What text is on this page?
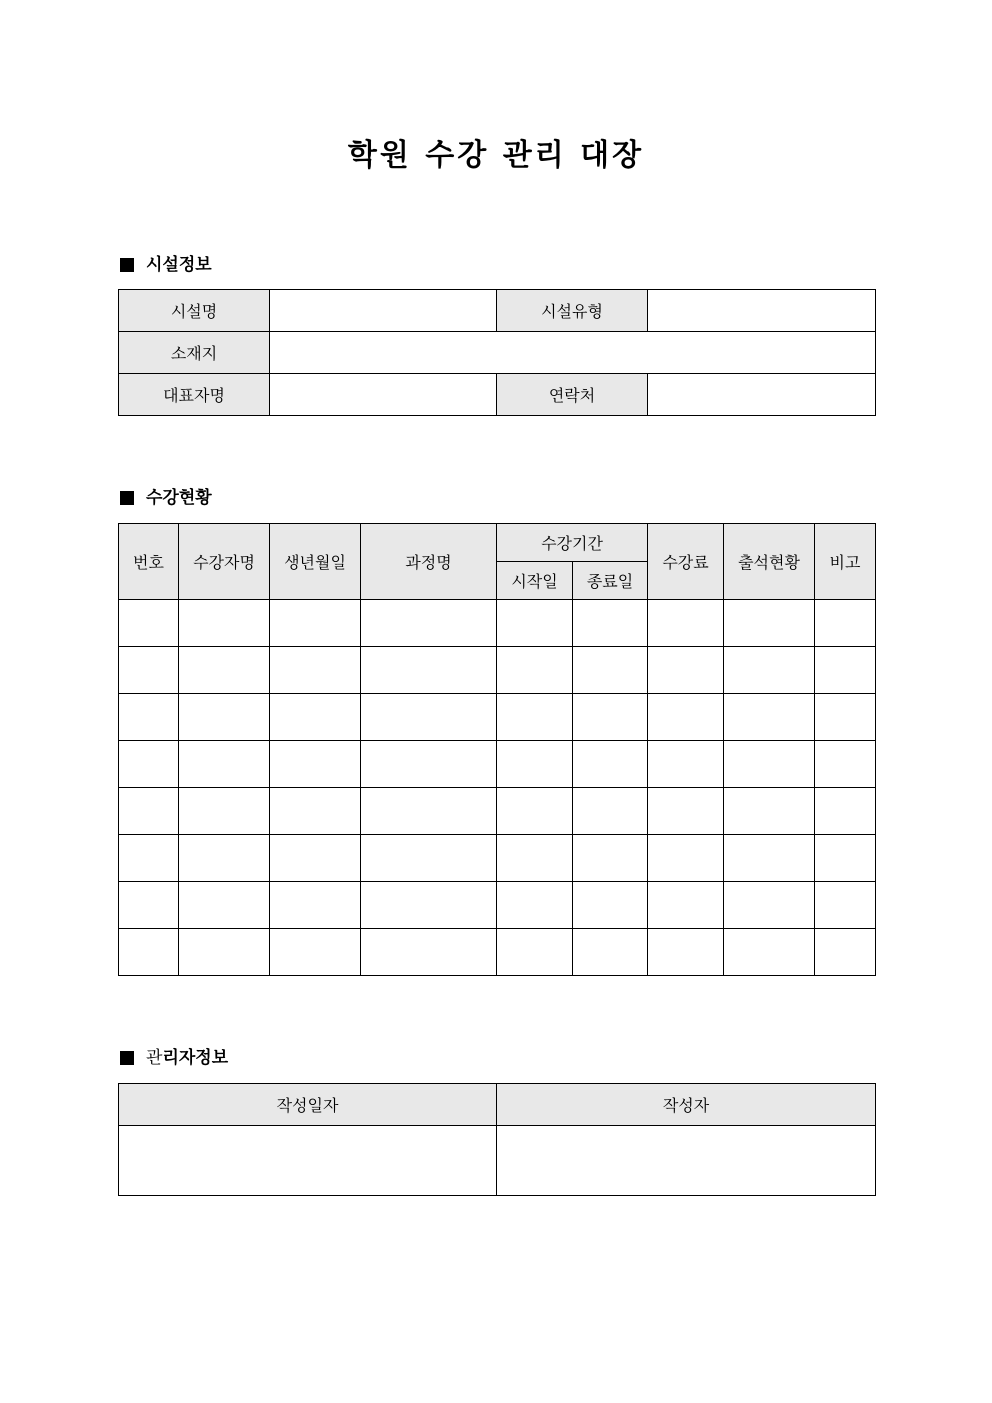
학원 수강 관리 대장
시설정보
시설명		시설유형	
소재지			
대표자명		연락처	
수강현황
번호	수강자명	생년월일	과정명	수강기간		수강료	출석현황	비고
				시작일	종료일			

관 리자정보
작성일자	작성자
